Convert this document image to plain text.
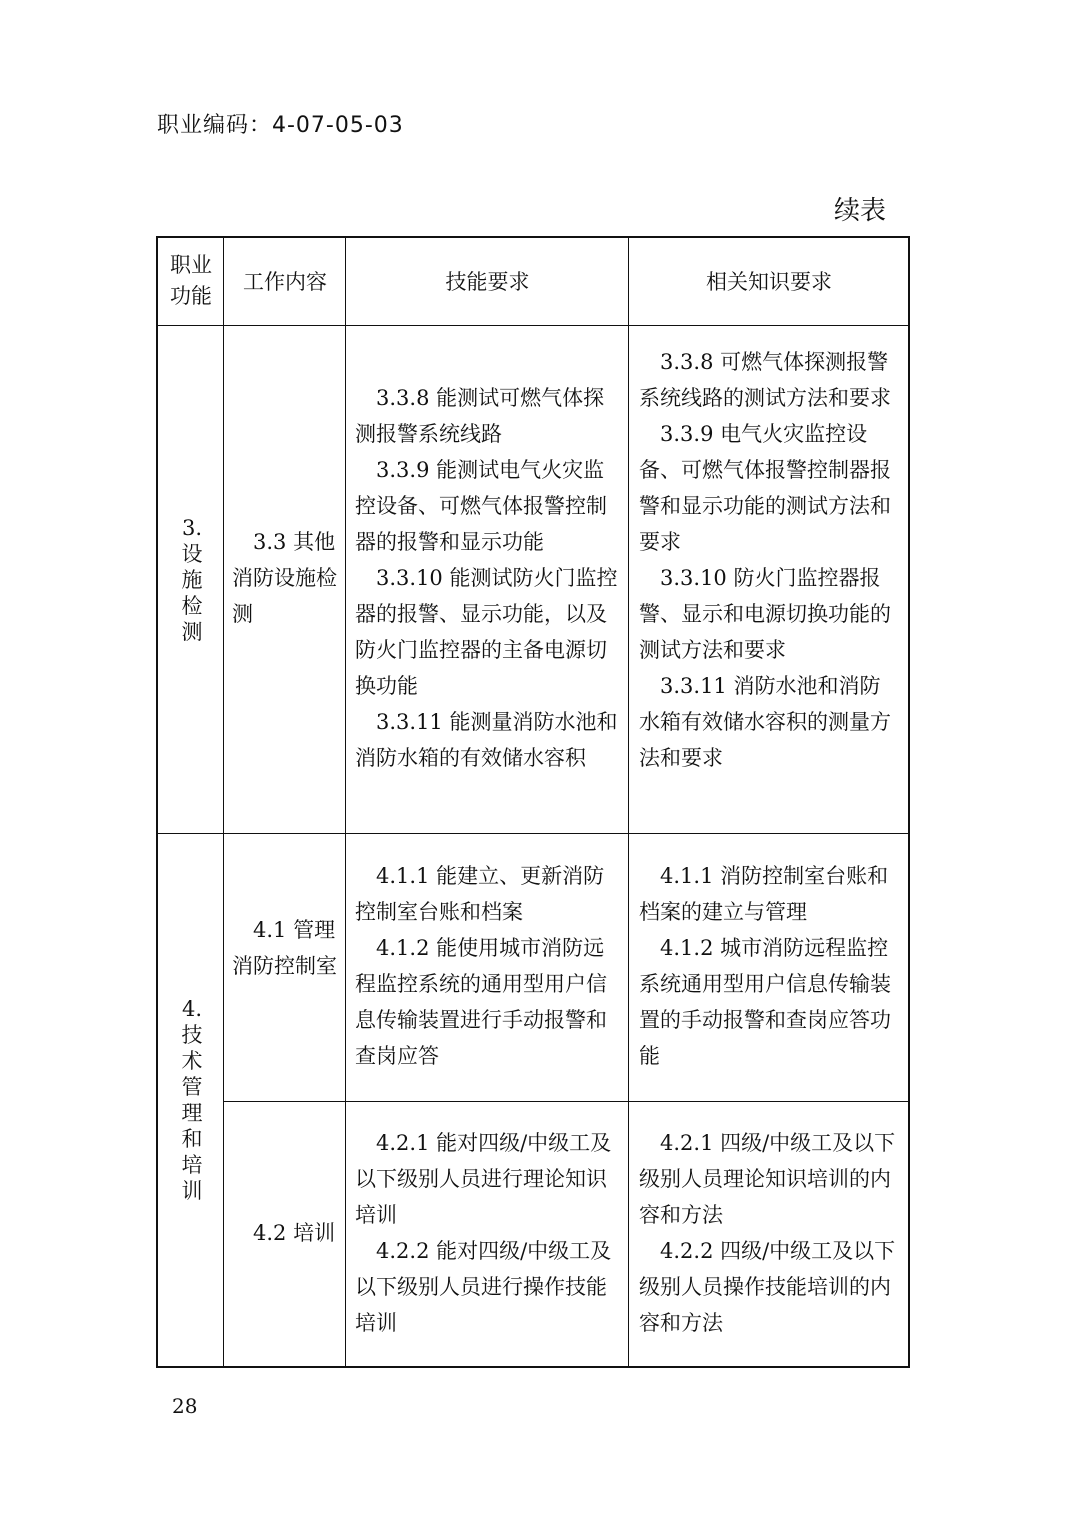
职业编码：4-07-05-03
续表
职业功能
工作内容	技能要求	相关知识要求
3.
设
施
检
测

3.3 其他消防设施检测

3.3.8 能测试可燃气体探测报警系统线路

3.3.9 能测试电气火灾监控设备、可燃气体报警控制器的报警和显示功能

3.3.10 能测试防火门监控器的报警、显示功能，以及防火门监控器的主备电源切换功能

3.3.11 能测量消防水池和消防水箱的有效储水容积

3.3.8 可燃气体探测报警系统线路的测试方法和要求

3.3.9 电气火灾监控设备、可燃气体报警控制器报警和显示功能的测试方法和要求

3.3.10 防火门监控器报警、显示和电源切换功能的测试方法和要求

3.3.11 消防水池和消防水箱有效储水容积的测量方法和要求

4.
技
术
管
理
和
培
训

4.1 管理消防控制室

4.1.1 能建立、更新消防控制室台账和档案

4.1.2 能使用城市消防远程监控系统的通用型用户信息传输装置进行手动报警和查岗应答

4.1.1 消防控制室台账和档案的建立与管理

4.1.2 城市消防远程监控系统通用型用户信息传输装置的手动报警和查岗应答功能

4.2 培训

4.2.1 能对四级/中级工及以下级别人员进行理论知识培训

4.2.2 能对四级/中级工及以下级别人员进行操作技能培训

4.2.1 四级/中级工及以下级别人员理论知识培训的内容和方法

4.2.2 四级/中级工及以下级别人员操作技能培训的内容和方法

28
